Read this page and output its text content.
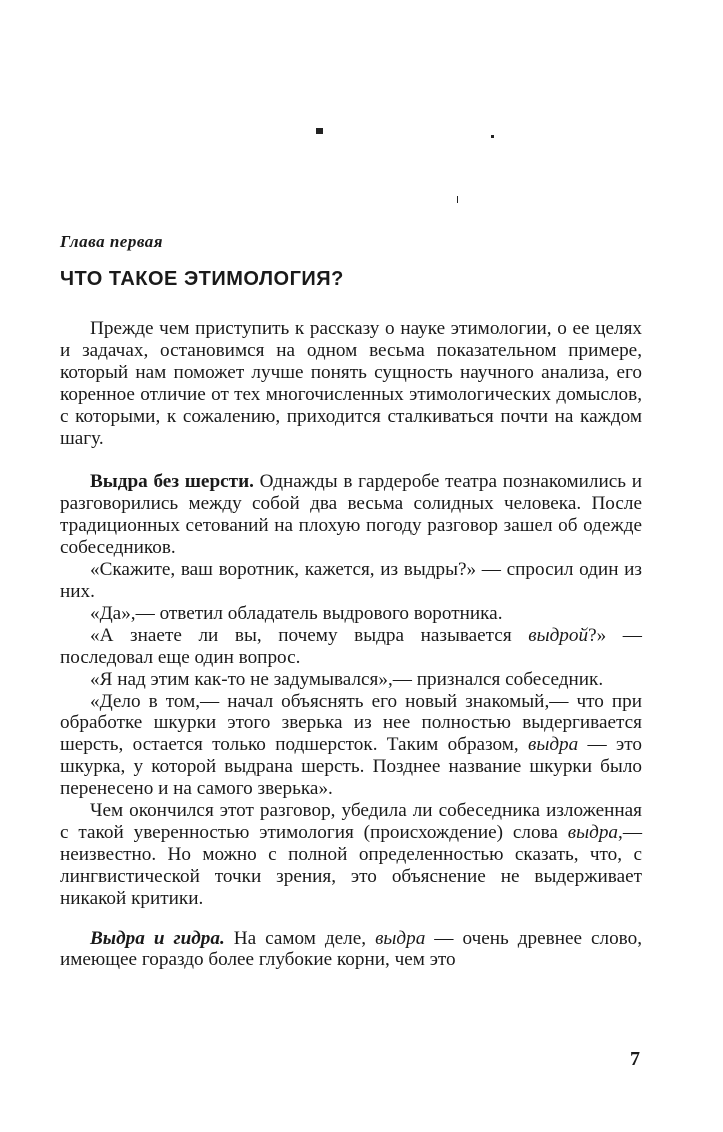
Глава первая
ЧТО ТАКОЕ ЭТИМОЛОГИЯ?

Прежде чем приступить к рассказу о науке этимологии, о ее целях и задачах, остановимся на одном весьма показательном примере, который нам поможет лучше понять сущность научного анализа, его коренное отличие от тех многочисленных этимологических домыслов, с которыми, к сожалению, приходится сталкиваться почти на каждом шагу.

Выдра без шерсти. Однажды в гардеробе театра познакомились и разговорились между собой два весьма солидных человека. После традиционных сетований на плохую погоду разговор зашел об одежде собеседников.

«Скажите, ваш воротник, кажется, из выдры?» — спросил один из них.

«Да»,— ответил обладатель выдрового воротника.

«А знаете ли вы, почему выдра называется выдрой?» — последовал еще один вопрос.

«Я над этим как-то не задумывался»,— признался собеседник.

«Дело в том,— начал объяснять его новый знакомый,— что при обработке шкурки этого зверька из нее полностью выдергивается шерсть, остается только подшерсток. Таким образом, выдра — это шкурка, у которой выдрана шерсть. Позднее название шкурки было перенесено и на самого зверька».

Чем окончился этот разговор, убедила ли собеседника изложенная с такой уверенностью этимология (происхождение) слова выдра,— неизвестно. Но можно с полной определенностью сказать, что, с лингвистической точки зрения, это объяснение не выдерживает никакой критики.

Выдра и гидра. На самом деле, выдра — очень древнее слово, имеющее гораздо более глубокие корни, чем это

7
